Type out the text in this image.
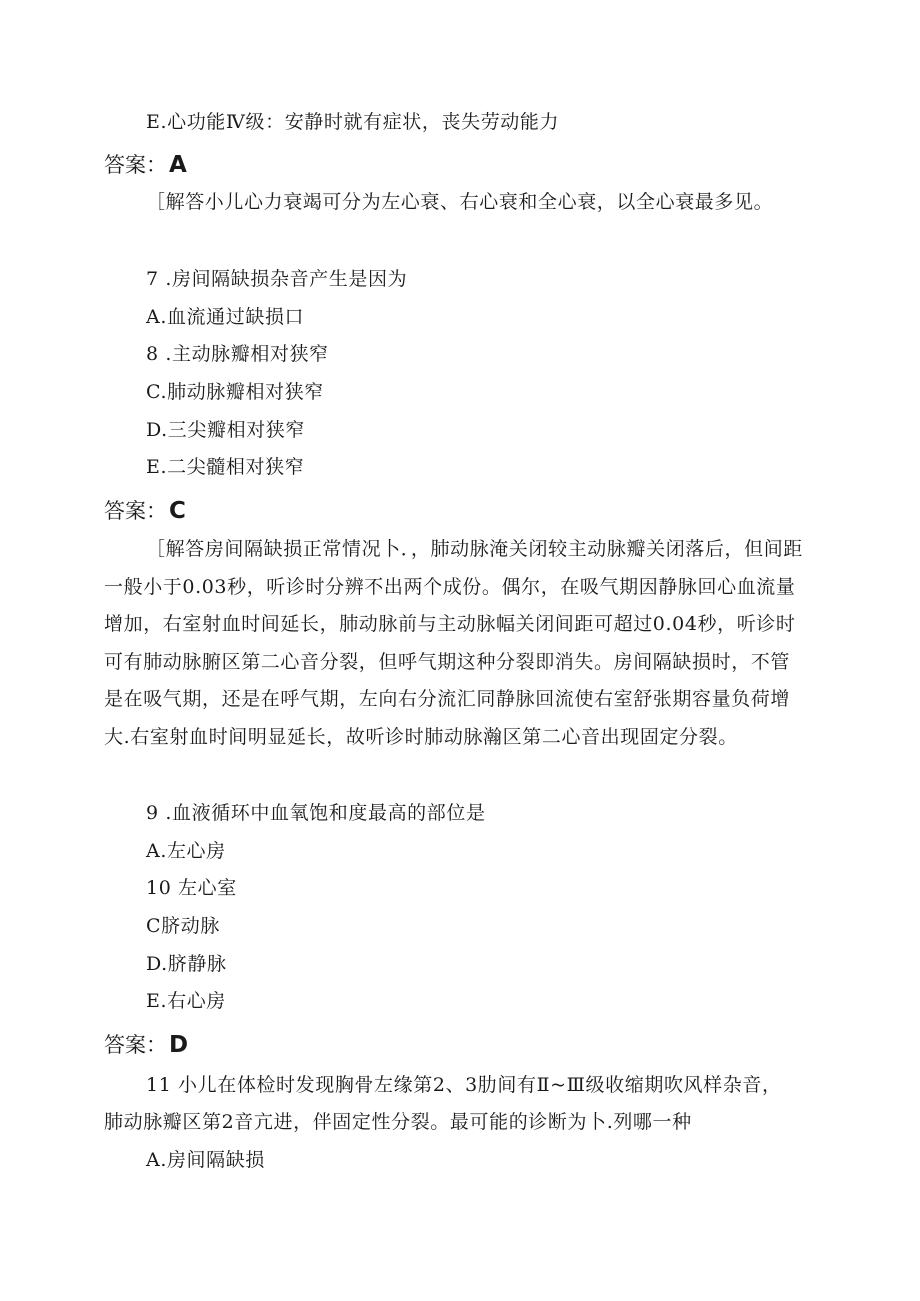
E.心功能Ⅳ级：安静时就有症状，丧失劳动能力
答案：A
［解答小儿心力衰竭可分为左心衰、右心衰和全心衰，以全心衰最多见。
7 .房间隔缺损杂音产生是因为
A.血流通过缺损口
8 .主动脉瓣相对狭窄
C.肺动脉瓣相对狭窄
D.三尖瓣相对狭窄
E.二尖髓相对狭窄
答案：C
［解答房间隔缺损正常情况卜．，肺动脉淹关闭较主动脉瓣关闭落后，但间距一般小于0.03秒，听诊时分辨不出两个成份。偶尔，在吸气期因静脉回心血流量增加，右室射血时间延长，肺动脉前与主动脉幅关闭间距可超过0.04秒，听诊时可有肺动脉腑区第二心音分裂，但呼气期这种分裂即消失。房间隔缺损时，不管是在吸气期，还是在呼气期，左向右分流汇同静脉回流使右室舒张期容量负荷增大.右室射血时间明显延长，故听诊时肺动脉瀚区第二心音出现固定分裂。
9 .血液循环中血氧饱和度最高的部位是
A.左心房
10 左心室
C脐动脉
D.脐静脉
E.右心房
答案：D
11 小儿在体检时发现胸骨左缘第2、3肋间有Ⅱ~Ⅲ级收缩期吹风样杂音，
肺动脉瓣区第2音亢进，伴固定性分裂。最可能的诊断为卜.列哪一种
A.房间隔缺损
